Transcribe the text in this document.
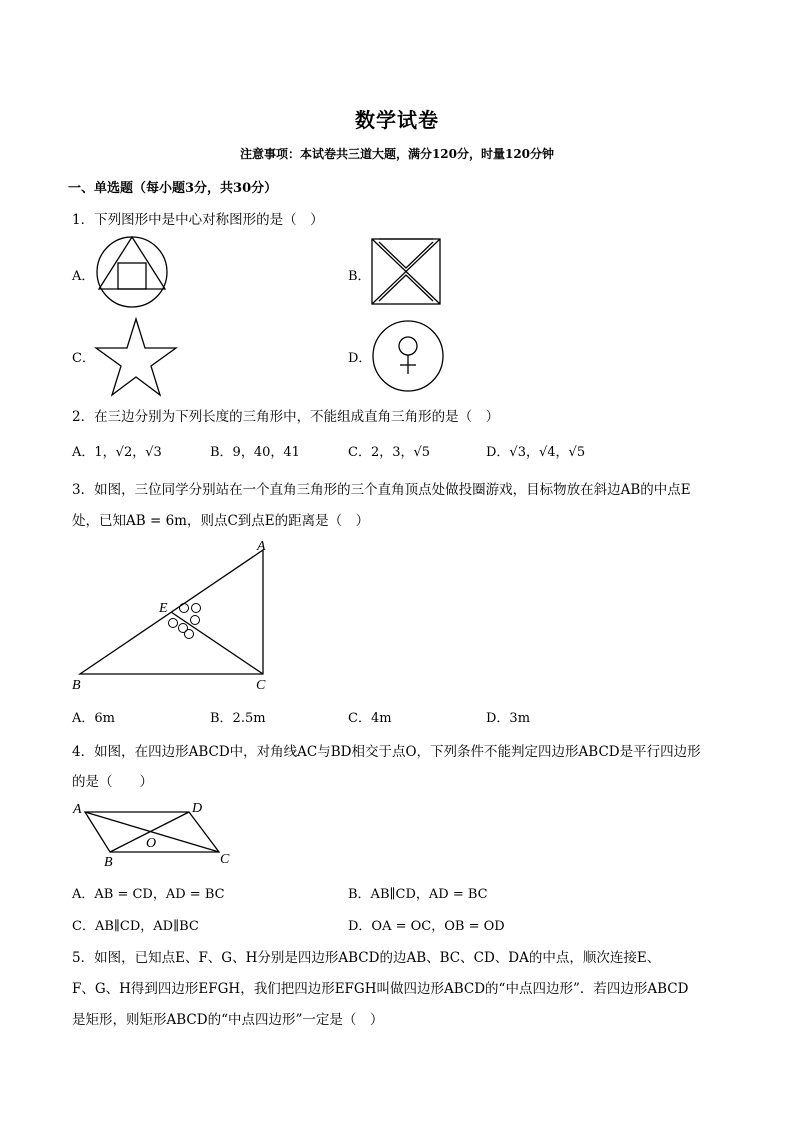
数学试卷
注意事项：本试卷共三道大题，满分120分，时量120分钟
一、单选题（每小题3分，共30分）
1．下列图形中是中心对称图形的是（　）
A．	B．
C．	D．
2．在三边分别为下列长度的三角形中，不能组成直角三角形的是（　）
A．1，√2，√3	B．9，40，41	C．2，3，√5	D．√3，√4，√5
3．如图，三位同学分别站在一个直角三角形的三个直角顶点处做投圈游戏，目标物放在斜边AB的中点E
处，已知AB = 6m，则点C到点E的距离是（　）
A
E
B	C
A．6m	B．2.5m	C．4m	D．3m
4．如图，在四边形ABCD中，对角线AC与BD相交于点O，下列条件不能判定四边形ABCD是平行四边形
的是（　　）
A	D
O
B	C
A．AB = CD，AD = BC	B．AB∥CD，AD = BC
C．AB∥CD，AD∥BC	D．OA = OC，OB = OD
5．如图，已知点E、F、G、H分别是四边形ABCD的边AB、BC、CD、DA的中点，顺次连接E、
F、G、H得到四边形EFGH，我们把四边形EFGH叫做四边形ABCD的“中点四边形”．若四边形ABCD
是矩形，则矩形ABCD的“中点四边形”一定是（　）
